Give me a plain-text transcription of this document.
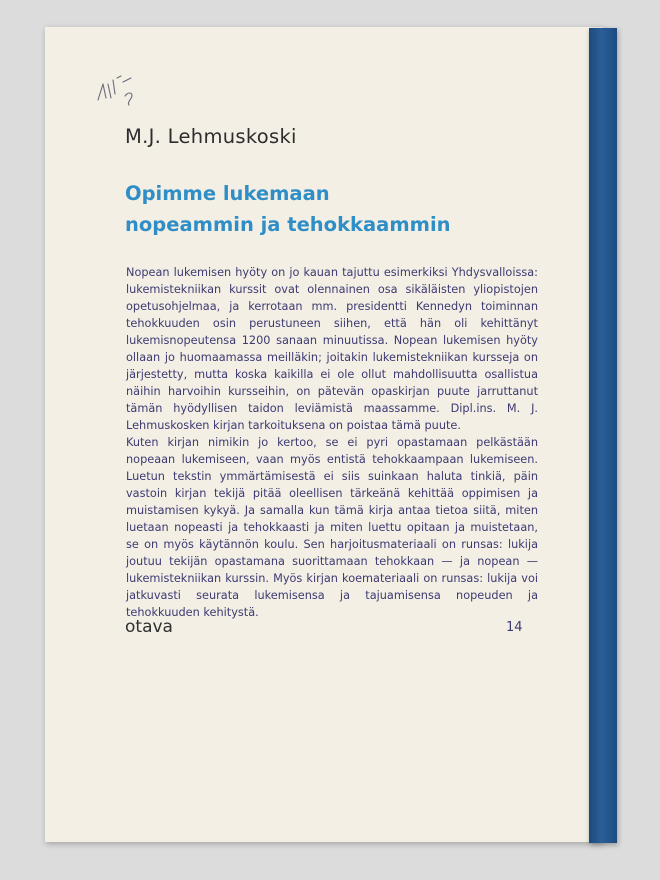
M.J. Lehmuskoski
Opimme lukemaan
nopeammin ja tehokkaammin

Nopean lukemisen hyöty on jo kauan tajuttu esimerkiksi Yhdysvalloissa: lukemistekniikan kurssit ovat olennainen osa sikäläisten yliopistojen opetusohjelmaa, ja kerrotaan mm. presidentti Kennedyn toiminnan tehokkuuden osin perustuneen siihen, että hän oli kehittänyt lukemisnopeutensa 1200 sanaan minuutissa. Nopean lukemisen hyöty ollaan jo huomaamassa meilläkin; joitakin lukemistekniikan kursseja on järjestetty, mutta koska kaikilla ei ole ollut mahdollisuutta osallistua näihin harvoihin kursseihin, on pätevän opaskirjan puute jarruttanut tämän hyödyllisen taidon leviämistä maassamme. Dipl.ins. M. J. Lehmuskosken kirjan tarkoituksena on poistaa tämä puute.

Kuten kirjan nimikin jo kertoo, se ei pyri opastamaan pelkästään nopeaan lukemiseen, vaan myös entistä tehokkaampaan lukemiseen. Luetun tekstin ymmärtämisestä ei siis suinkaan haluta tinkiä, päin vastoin kirjan tekijä pitää oleellisen tärkeänä kehittää oppimisen ja muistamisen kykyä. Ja samalla kun tämä kirja antaa tietoa siitä, miten luetaan nopeasti ja tehokkaasti ja miten luettu opitaan ja muistetaan, se on myös käytännön koulu. Sen harjoitusmateriaali on runsas: lukija joutuu tekijän opastamana suorittamaan tehokkaan — ja nopean — lukemistekniikan kurssin. Myös kirjan koemateriaali on runsas: lukija voi jatkuvasti seurata lukemisensa ja tajuamisensa nopeuden ja tehokkuuden kehitystä.

otava	14
